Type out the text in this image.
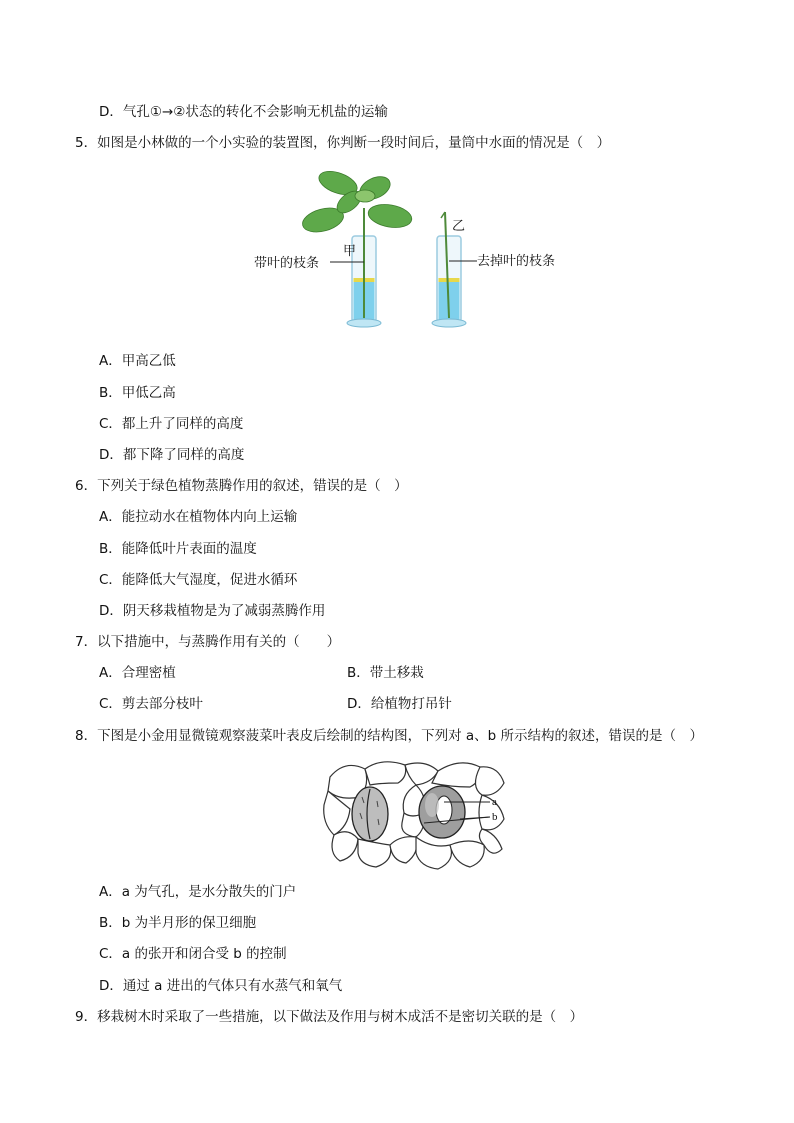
D．气孔①→②状态的转化不会影响无机盐的运输
5．如图是小林做的一个小实验的装置图，你判断一段时间后，量筒中水面的情况是（　）
甲
乙
带叶的枝条	去掉叶的枝条
A．甲高乙低
B．甲低乙高
C．都上升了同样的高度
D．都下降了同样的高度
6．下列关于绿色植物蒸腾作用的叙述，错误的是（　）
A．能拉动水在植物体内向上运输
B．能降低叶片表面的温度
C．能降低大气湿度，促进水循环
D．阴天移栽植物是为了减弱蒸腾作用
7．以下措施中，与蒸腾作用有关的（　　）
A．合理密植	B．带土移栽
C．剪去部分枝叶	D．给植物打吊针
8．下图是小金用显微镜观察菠菜叶表皮后绘制的结构图，下列对 a、b 所示结构的叙述，错误的是（　）
a
b
A．a 为气孔，是水分散失的门户
B．b 为半月形的保卫细胞
C．a 的张开和闭合受 b 的控制
D．通过 a 进出的气体只有水蒸气和氧气
9．移栽树木时采取了一些措施，以下做法及作用与树木成活不是密切关联的是（　）
